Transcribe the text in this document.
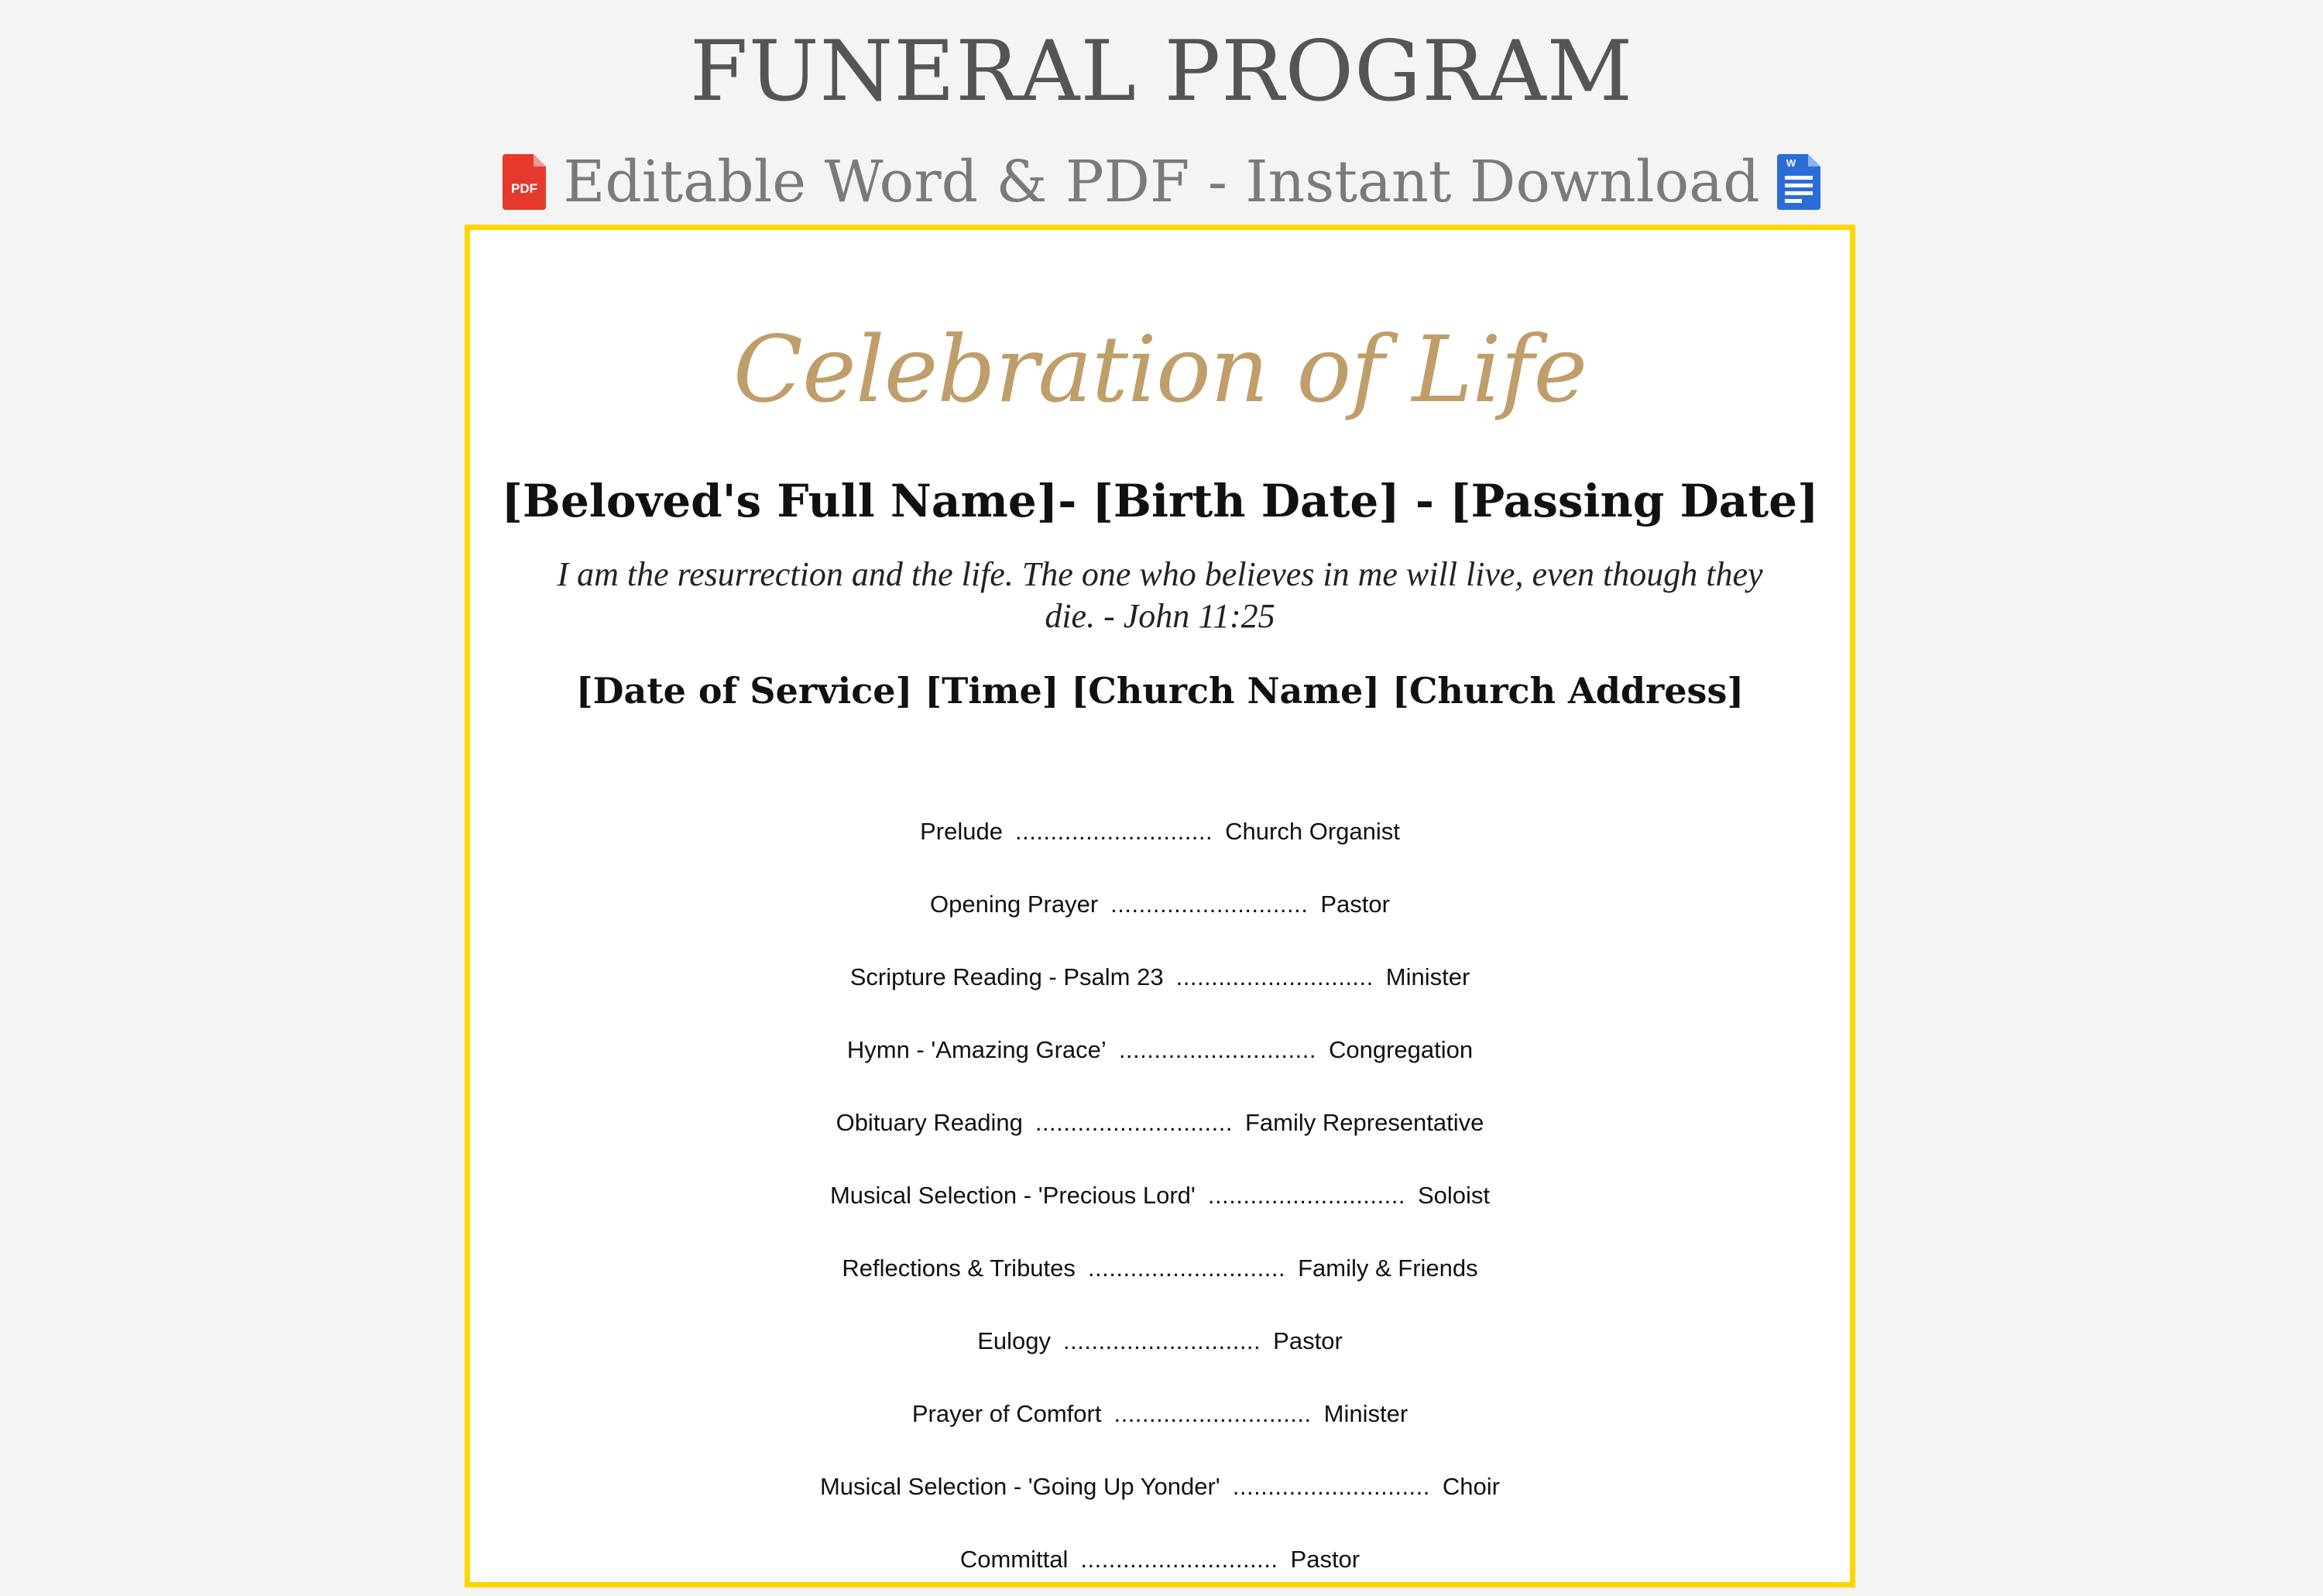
FUNERAL PROGRAM
PDF Editable Word & PDF - Instant Download	W
Celebration of Life
[Beloved's Full Name]- [Birth Date] - [Passing Date]
I am the resurrection and the life. The one who believes in me will live, even though they die. - John 11:25
[Date of Service] [Time] [Church Name] [Church Address]
Prelude ............................ Church Organist
Opening Prayer ............................ Pastor
Scripture Reading - Psalm 23 ............................ Minister
Hymn - 'Amazing Grace’ ............................ Congregation
Obituary Reading ............................ Family Representative
Musical Selection - 'Precious Lord' ............................ Soloist
Reflections & Tributes ............................ Family & Friends
Eulogy ............................ Pastor
Prayer of Comfort ............................ Minister
Musical Selection - 'Going Up Yonder' ............................ Choir
Committal ............................ Pastor
